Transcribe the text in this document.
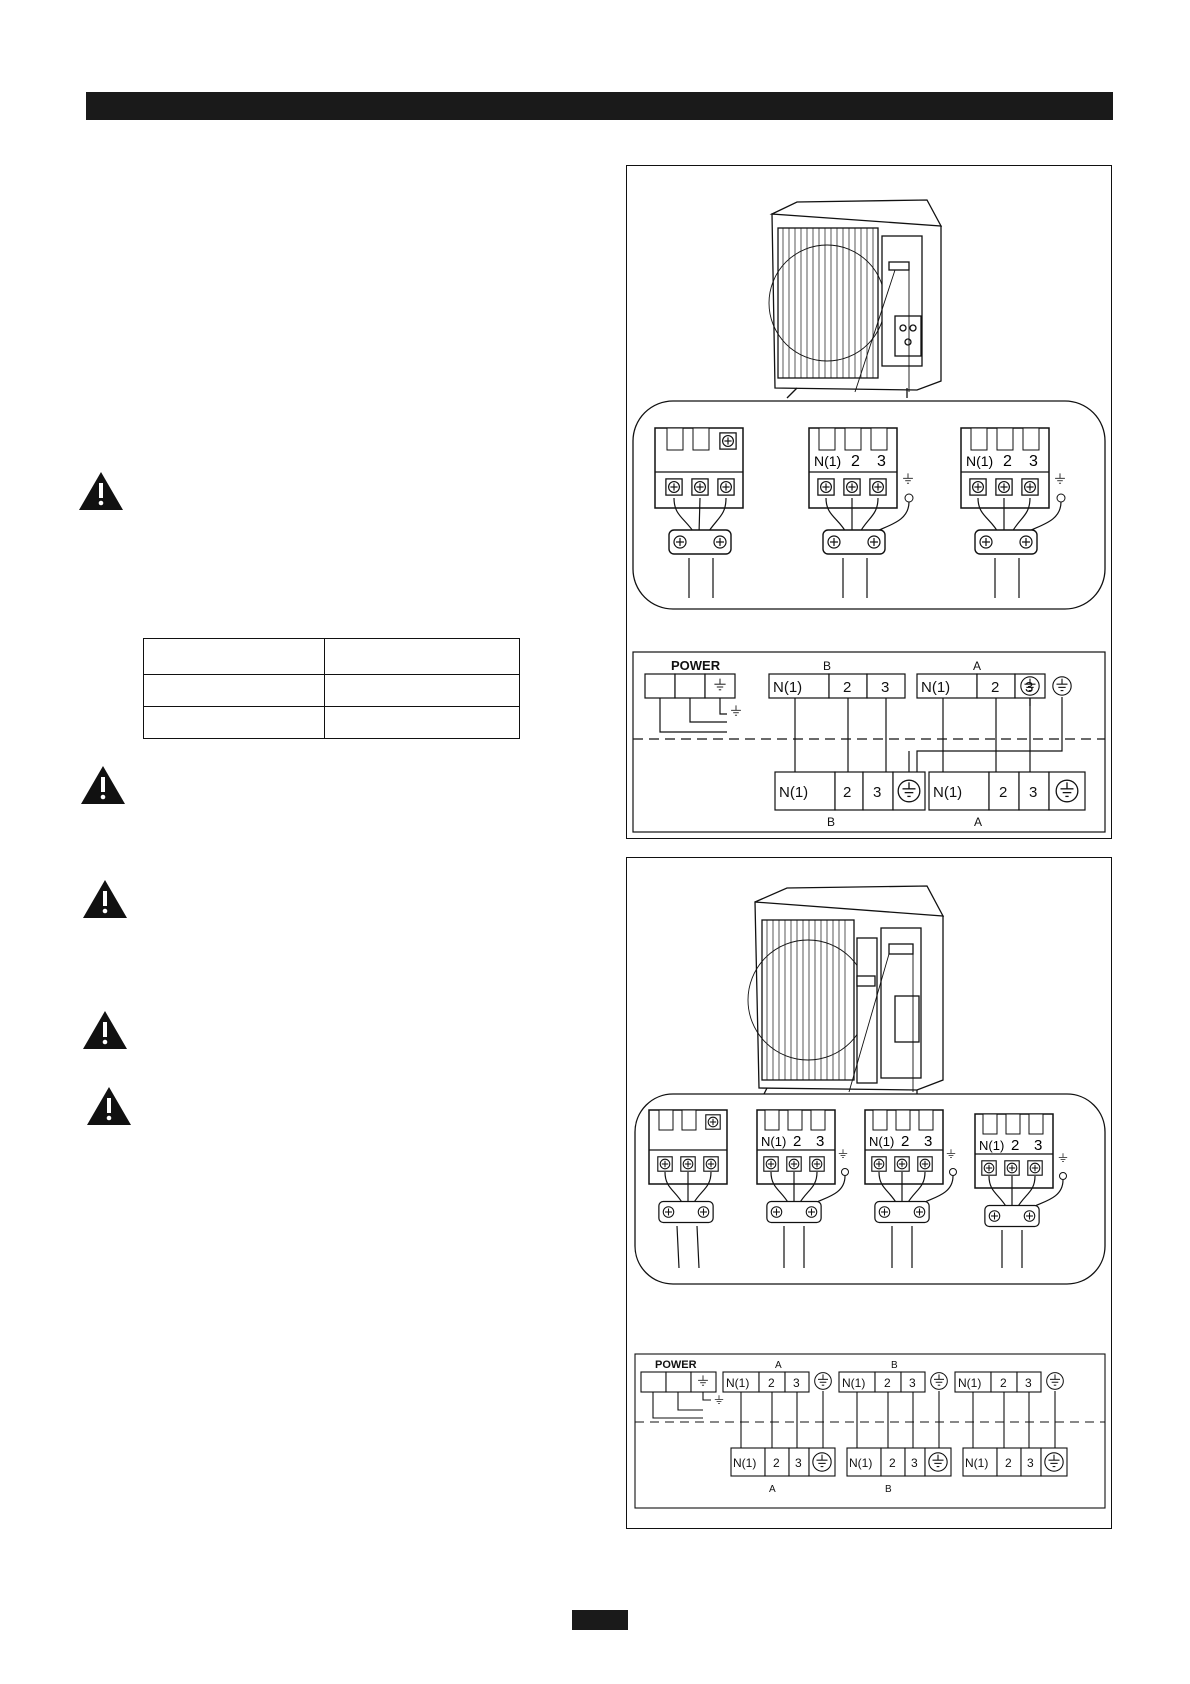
N(1) 2 3	N(1) 2 3
POWER	B	A
N(1)	2 3 N(1)	2 3
N(1) 2 3	N(1) 2 3
B	A
N(1) 2 3	N(1) 2 3	N(1) 2 3
POWER	A	B
N(1) 2 3	N(1) 2 3	N(1) 2 3
N(1) 2 3	N(1) 2 3	N(1) 2 3
A	B
